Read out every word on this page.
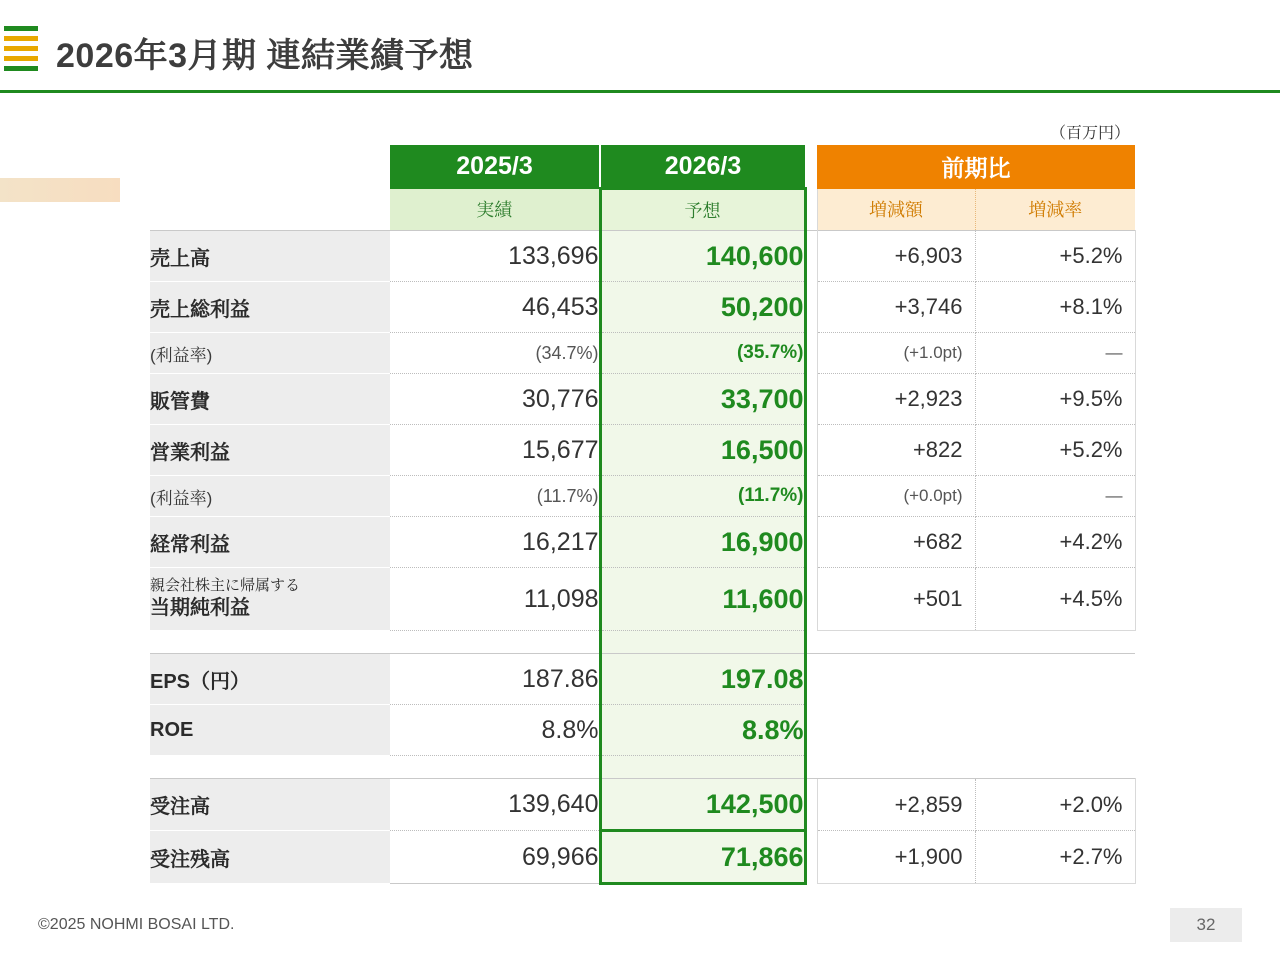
2026年3月期 連結業績予想
（百万円）
	2025/3	2026/3		前期比	
	実績	予想		増減額	増減率
売上高	133,696	140,600		+6,903	+5.2%
売上総利益	46,453	50,200		+3,746	+8.1%
(利益率)	(34.7%)	(35.7%)		(+1.0pt)	—
販管費	30,776	33,700		+2,923	+9.5%
営業利益	15,677	16,500		+822	+5.2%
(利益率)	(11.7%)	(11.7%)		(+0.0pt)	—
経常利益	16,217	16,900		+682	+4.2%

親会社株主に帰属する
当期純利益	11,098	11,600		+501	+4.5%

EPS（円）	187.86	197.08			
ROE	8.8%	8.8%			

受注高	139,640	142,500		+2,859	+2.0%
受注残高	69,966	71,866		+1,900	+2.7%
©2025 NOHMI BOSAI LTD.	32
